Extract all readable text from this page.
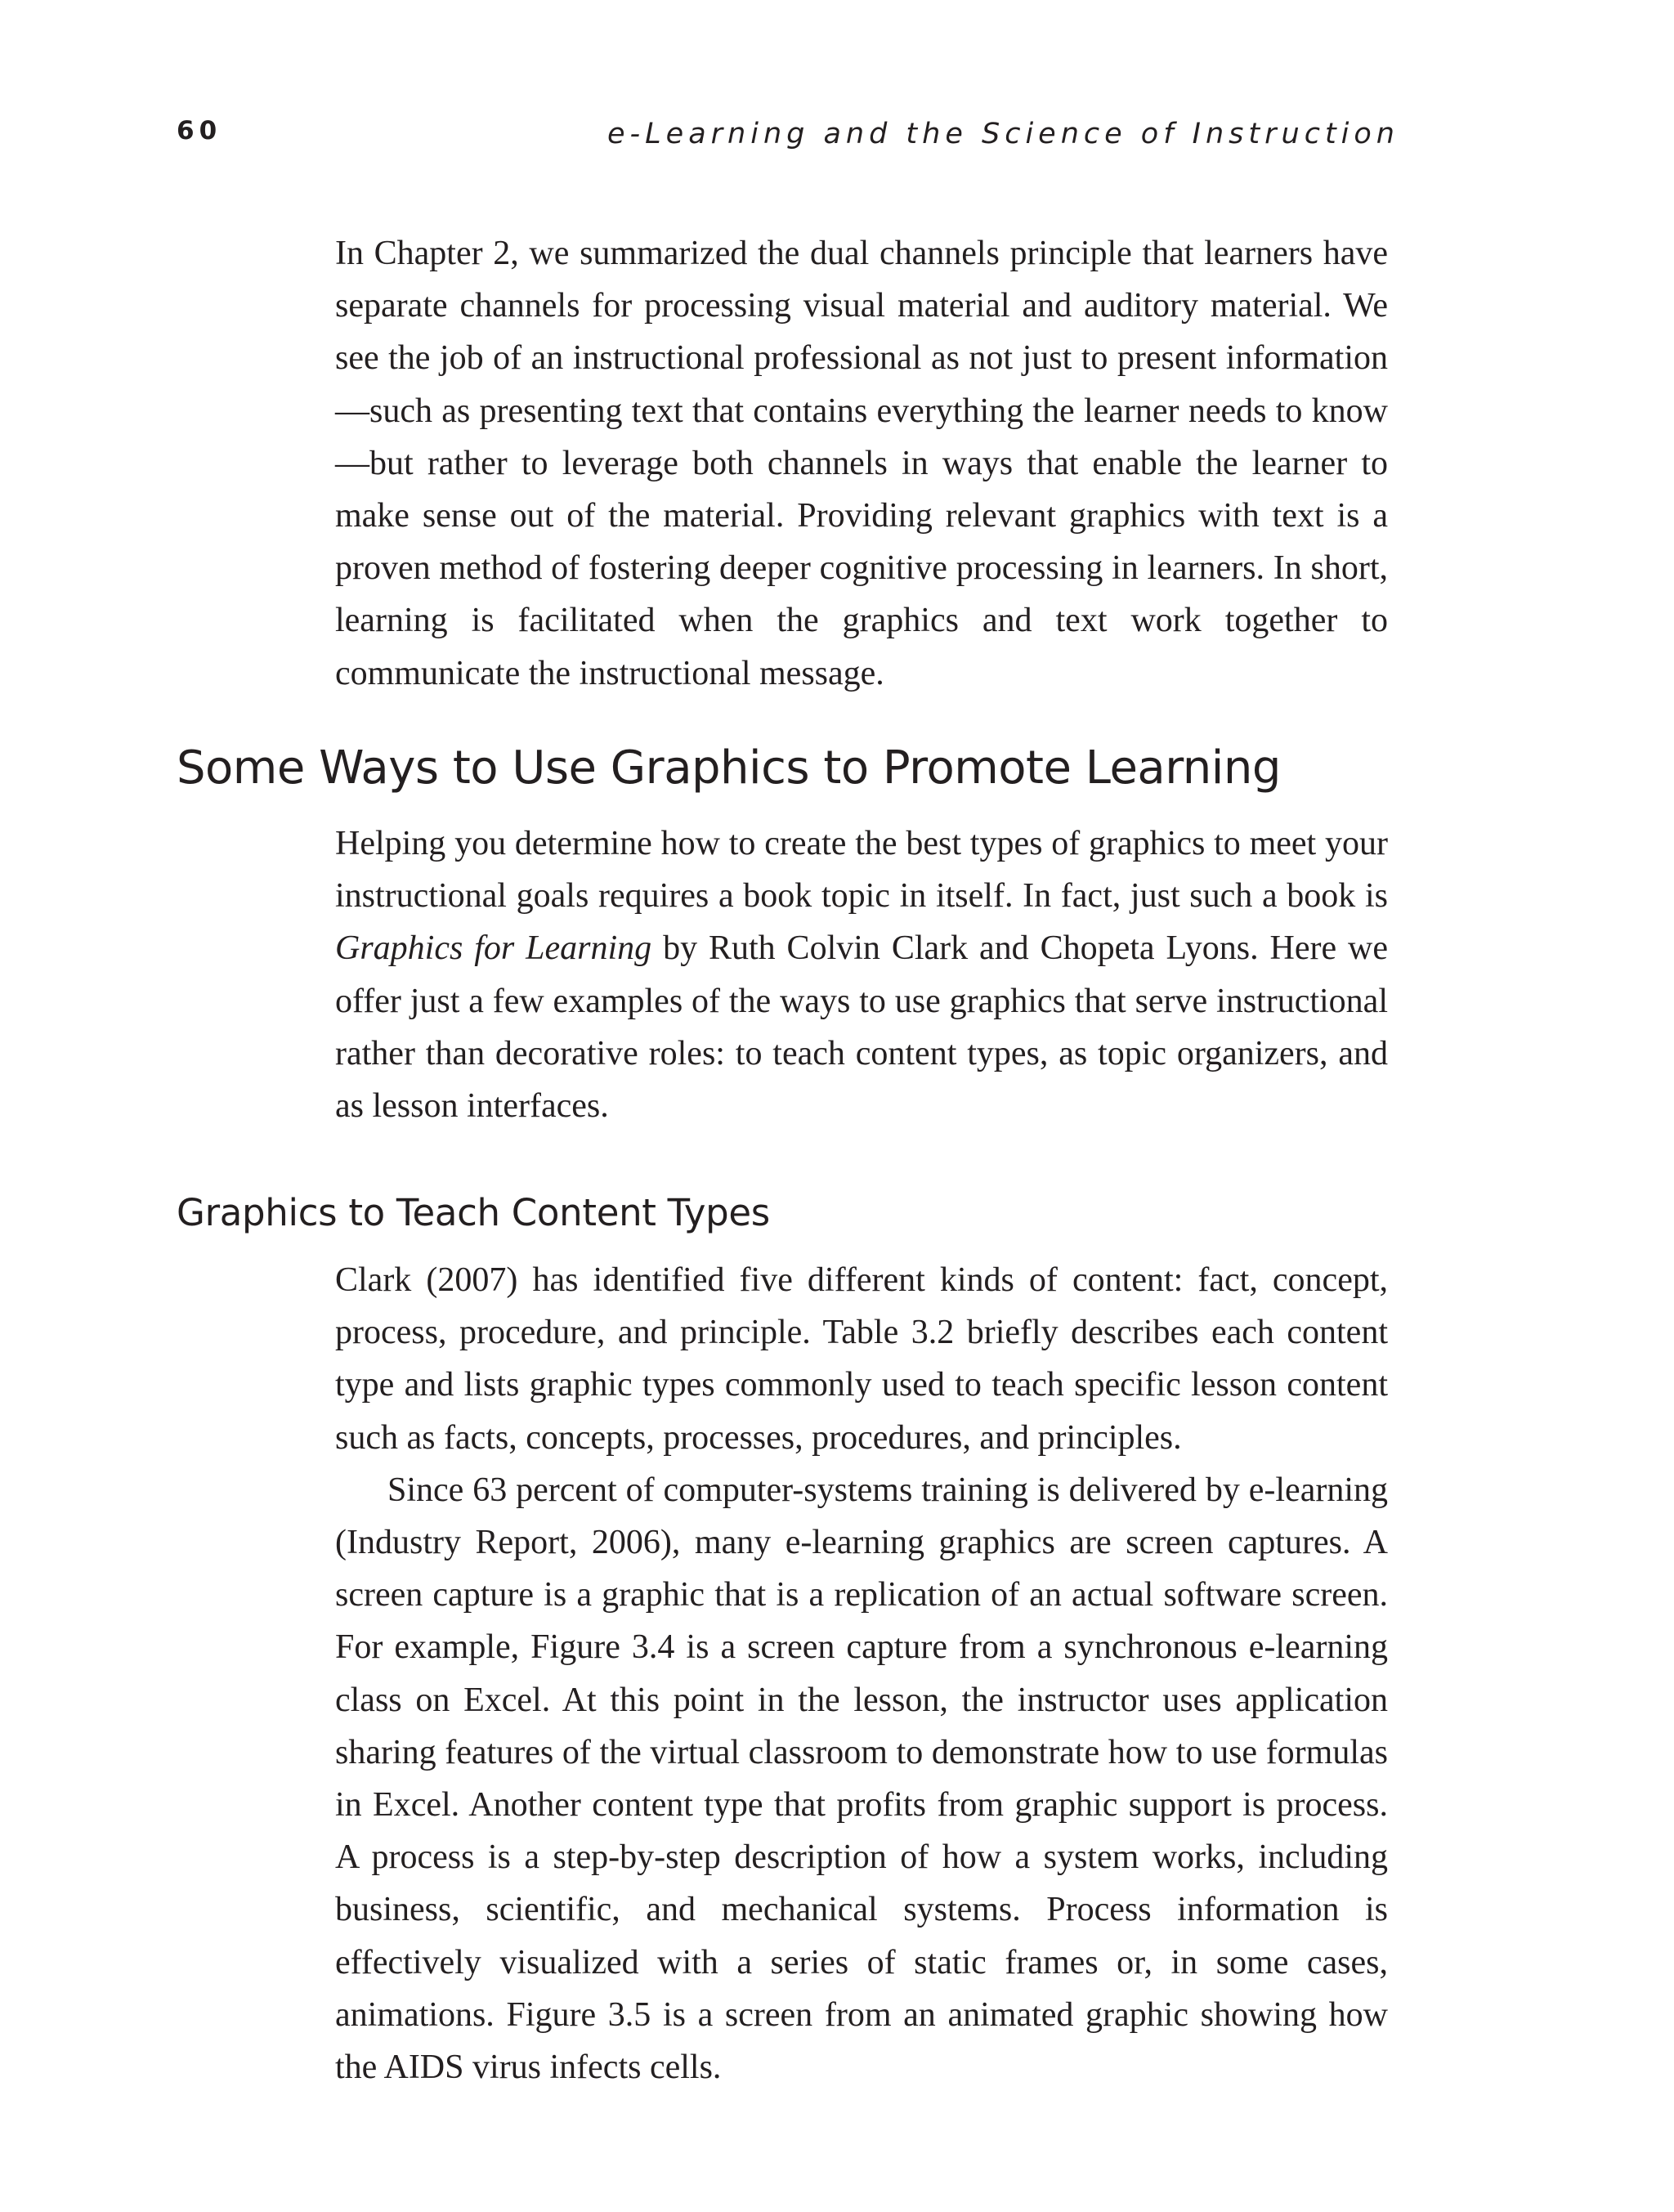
60	e-Learning and the Science of Instruction

In Chapter 2, we summarized the dual channels principle that learners have separate channels for processing visual material and auditory material. We see the job of an instructional professional as not just to present information—such as presenting text that contains everything the learner needs to know—but rather to leverage both channels in ways that enable the learner to make sense out of the material. Providing relevant graphics with text is a proven method of fostering deeper cognitive processing in learners. In short, learning is facilitated when the graphics and text work together to communicate the instructional message.

Some Ways to Use Graphics to Promote Learning

Helping you determine how to create the best types of graphics to meet your instructional goals requires a book topic in itself. In fact, just such a book is Graphics for Learning by Ruth Colvin Clark and Chopeta Lyons. Here we offer just a few examples of the ways to use graphics that serve instructional rather than decorative roles: to teach content types, as topic organizers, and as lesson interfaces.

Graphics to Teach Content Types

Clark (2007) has identified five different kinds of content: fact, concept, process, procedure, and principle. Table 3.2 briefly describes each content type and lists graphic types commonly used to teach specific lesson content such as facts, concepts, processes, procedures, and principles.

Since 63 percent of computer-systems training is delivered by e-learning (Industry Report, 2006), many e-learning graphics are screen captures. A screen capture is a graphic that is a replication of an actual software screen. For example, Figure 3.4 is a screen capture from a synchronous e-learning class on Excel. At this point in the lesson, the instructor uses application sharing features of the virtual classroom to demonstrate how to use formulas in Excel. Another content type that profits from graphic support is process. A process is a step-by-step description of how a system works, including business, scientific, and mechanical systems. Process information is effectively visualized with a series of static frames or, in some cases, animations. Figure 3.5 is a screen from an animated graphic showing how the AIDS virus infects cells.
